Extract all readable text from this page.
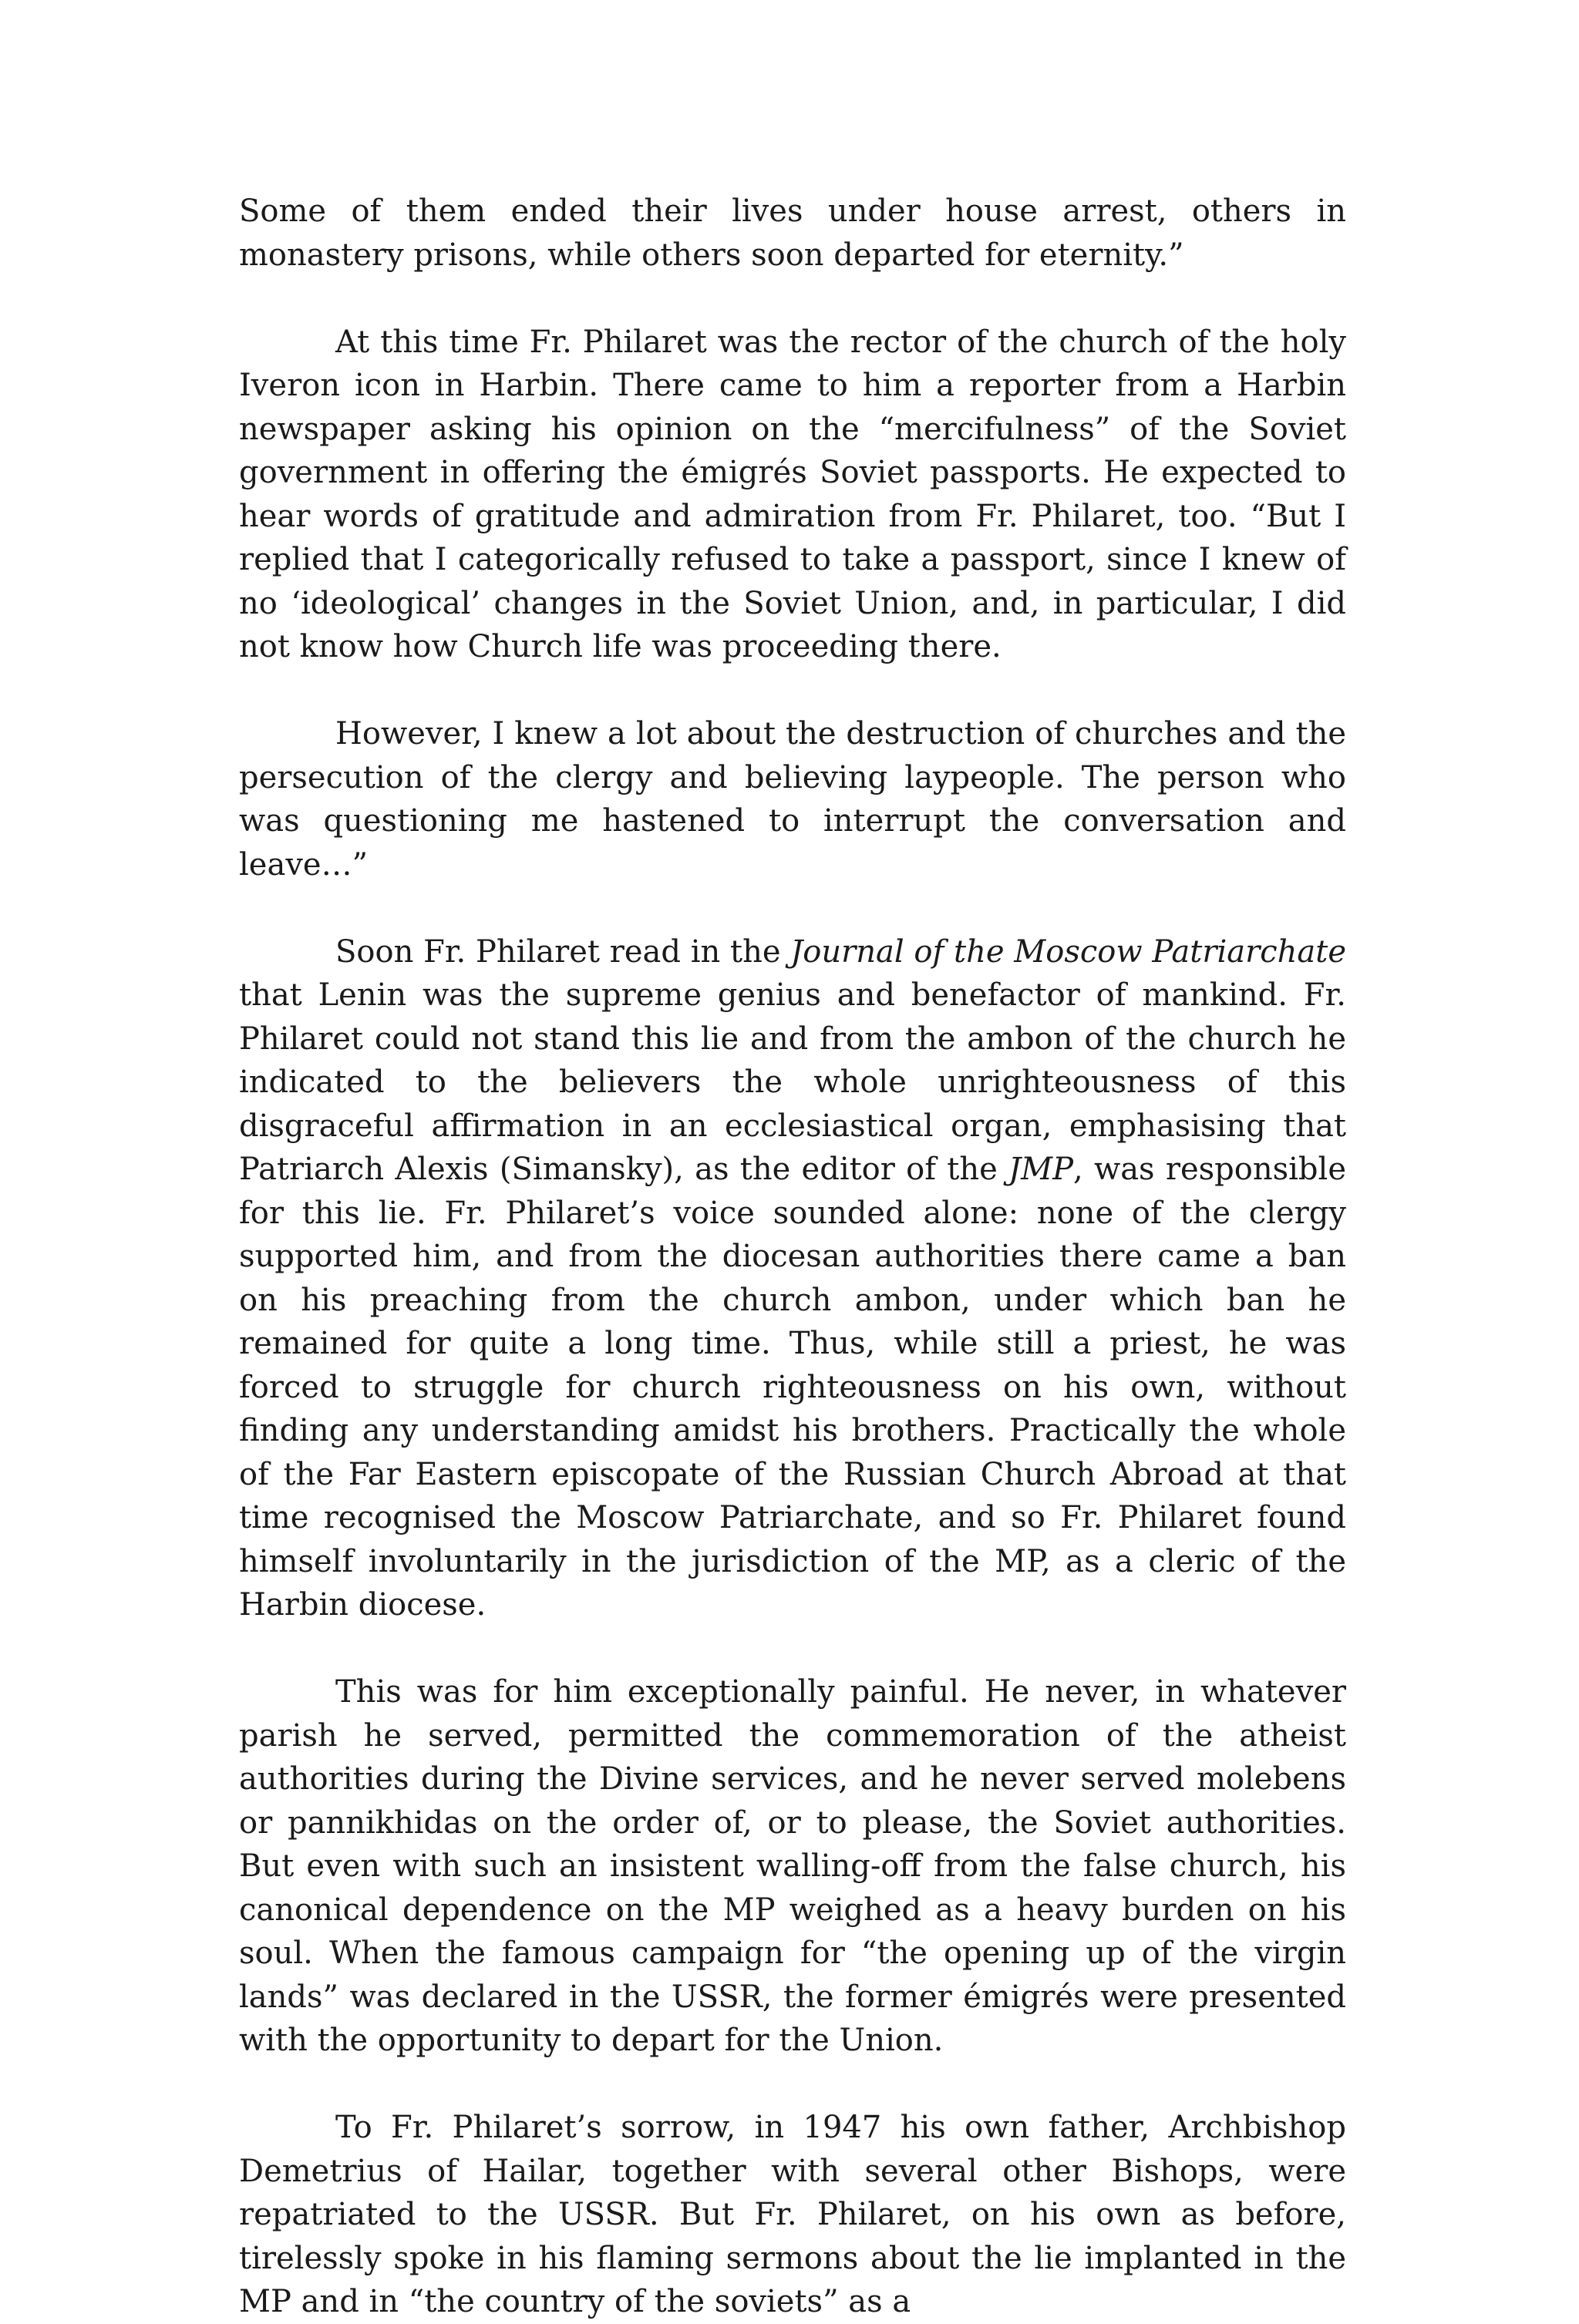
Some of them ended their lives under house arrest, others in monastery prisons, while others soon departed for eternity.”

At this time Fr. Philaret was the rector of the church of the holy Iveron icon in Harbin. There came to him a reporter from a Harbin newspaper asking his opinion on the “mercifulness” of the Soviet government in offering the émigrés Soviet passports. He expected to hear words of gratitude and admiration from Fr. Philaret, too. “But I replied that I categorically refused to take a passport, since I knew of no ‘ideological’ changes in the Soviet Union, and, in particular, I did not know how Church life was proceeding there.

However, I knew a lot about the destruction of churches and the persecution of the clergy and believing laypeople. The person who was questioning me hastened to interrupt the conversation and leave…”

Soon Fr. Philaret read in the Journal of the Moscow Patriarchate that Lenin was the supreme genius and benefactor of mankind. Fr. Philaret could not stand this lie and from the ambon of the church he indicated to the believers the whole unrighteousness of this disgraceful affirmation in an ecclesiastical organ, emphasising that Patriarch Alexis (Simansky), as the editor of the JMP, was responsible for this lie. Fr. Philaret’s voice sounded alone: none of the clergy supported him, and from the diocesan authorities there came a ban on his preaching from the church ambon, under which ban he remained for quite a long time. Thus, while still a priest, he was forced to struggle for church righteousness on his own, without finding any understanding amidst his brothers. Practically the whole of the Far Eastern episcopate of the Russian Church Abroad at that time recognised the Moscow Patriarchate, and so Fr. Philaret found himself involuntarily in the jurisdiction of the MP, as a cleric of the Harbin diocese.

This was for him exceptionally painful. He never, in whatever parish he served, permitted the commemoration of the atheist authorities during the Divine services, and he never served molebens or pannikhidas on the order of, or to please, the Soviet authorities. But even with such an insistent walling-off from the false church, his canonical dependence on the MP weighed as a heavy burden on his soul. When the famous campaign for “the opening up of the virgin lands” was declared in the USSR, the former émigrés were presented with the opportunity to depart for the Union.

To Fr. Philaret’s sorrow, in 1947 his own father, Archbishop Demetrius of Hailar, together with several other Bishops, were repatriated to the USSR. But Fr. Philaret, on his own as before, tirelessly spoke in his flaming sermons about the lie implanted in the MP and in “the country of the soviets” as a
